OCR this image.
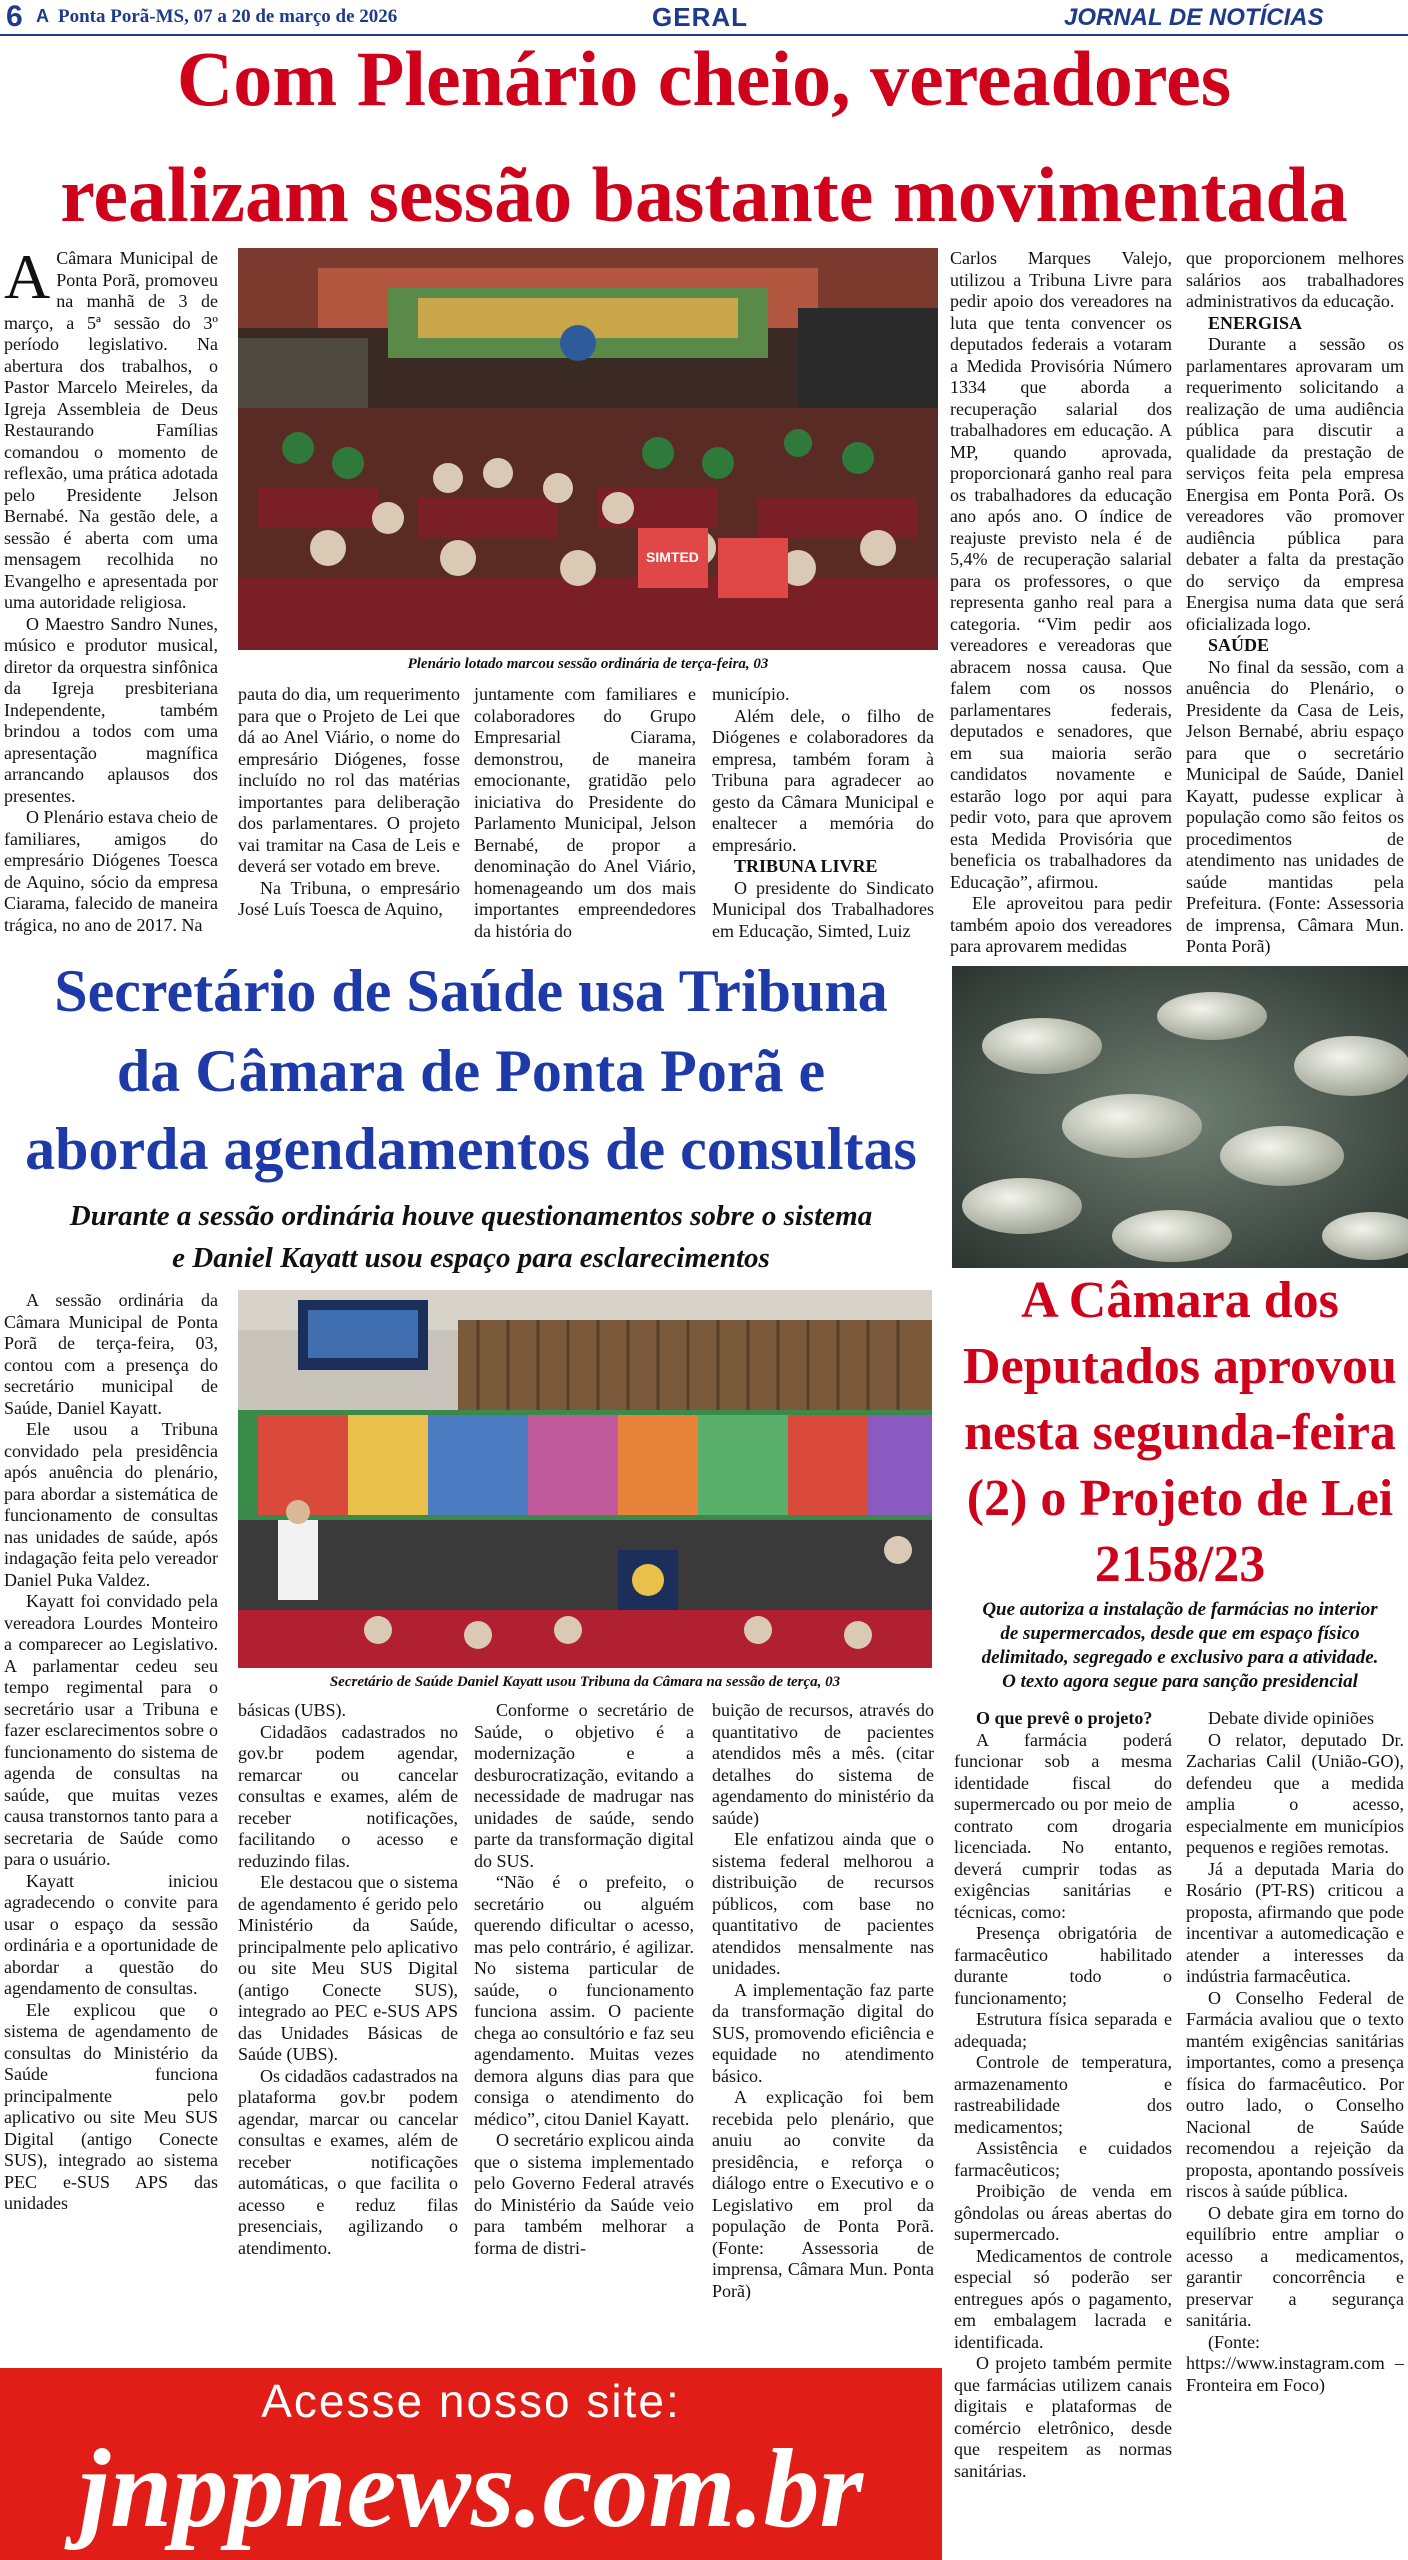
6 A Ponta Porã-MS, 07 a 20 de março de 2026	GERAL	JORNAL DE NOTÍCIAS
Com Plenário cheio, vereadores
realizam sessão bastante movimentada

A Câmara Municipal de Ponta Porã, promoveu na manhã de 3 de março, a 5ª sessão do 3º período legislativo. Na abertura dos trabalhos, o Pastor Marcelo Meireles, da Igreja Assembleia de Deus Restaurando Famílias comandou o momento de reflexão, uma prática adotada pelo Presidente Jelson Bernabé. Na gestão dele, a sessão é aberta com uma mensagem recolhida no Evangelho e apresentada por uma autoridade religiosa.

O Maestro Sandro Nunes, músico e produtor musical, diretor da orquestra sinfônica da Igreja presbiteriana Independente, também brindou a todos com uma apresentação magnífica arrancando aplausos dos presentes.

O Plenário estava cheio de familiares, amigos do empresário Diógenes Toesca de Aquino, sócio da empresa Ciarama, falecido de maneira trágica, no ano de 2017. Na

SIMTED
Plenário lotado marcou sessão ordinária de terça-feira, 03

pauta do dia, um requerimento para que o Projeto de Lei que dá ao Anel Viário, o nome do empresário Diógenes, fosse incluído no rol das matérias importantes para deliberação dos parlamentares. O projeto vai tramitar na Casa de Leis e deverá ser votado em breve.

Na Tribuna, o empresário José Luís Toesca de Aquino,

juntamente com familiares e colaboradores do Grupo Empresarial Ciarama, demonstrou, de maneira emocionante, gratidão pelo iniciativa do Presidente do Parlamento Municipal, Jelson Bernabé, de propor a denominação do Anel Viário, homenageando um dos mais importantes empreendedores da história do

município.

Além dele, o filho de Diógenes e colaboradores da empresa, também foram à Tribuna para agradecer ao gesto da Câmara Municipal e enaltecer a memória do empresário.

TRIBUNA LIVRE

O presidente do Sindicato Municipal dos Trabalhadores em Educação, Simted, Luiz

Carlos Marques Valejo, utilizou a Tribuna Livre para pedir apoio dos vereadores na luta que tenta convencer os deputados federais a votaram a Medida Provisória Número 1334 que aborda a recuperação salarial dos trabalhadores em educação. A MP, quando aprovada, proporcionará ganho real para os trabalhadores da educação ano após ano. O índice de reajuste previsto nela é de 5,4% de recuperação salarial para os professores, o que representa ganho real para a categoria. “Vim pedir aos vereadores e vereadoras que abracem nossa causa. Que falem com os nossos parlamentares federais, deputados e senadores, que em sua maioria serão candidatos novamente e estarão logo por aqui para pedir voto, para que aprovem esta Medida Provisória que beneficia os trabalhadores da Educação”, afirmou.

Ele aproveitou para pedir também apoio dos vereadores para aprovarem medidas

que proporcionem melhores salários aos trabalhadores administrativos da educação.

ENERGISA

Durante a sessão os parlamentares aprovaram um requerimento solicitando a realização de uma audiência pública para discutir a qualidade da prestação de serviços feita pela empresa Energisa em Ponta Porã. Os vereadores vão promover audiência pública para debater a falta da prestação do serviço da empresa Energisa numa data que será oficializada logo.

SAÚDE

No final da sessão, com a anuência do Plenário, o Presidente da Casa de Leis, Jelson Bernabé, abriu espaço para que o secretário Municipal de Saúde, Daniel Kayatt, pudesse explicar à população como são feitos os procedimentos de atendimento nas unidades de saúde mantidas pela Prefeitura. (Fonte: Assessoria de imprensa, Câmara Mun. Ponta Porã)

Secretário de Saúde usa Tribuna
da Câmara de Ponta Porã e
aborda agendamentos de consultas
Durante a sessão ordinária houve questionamentos sobre o sistema
e Daniel Kayatt usou espaço para esclarecimentos

A sessão ordinária da Câmara Municipal de Ponta Porã de terça-feira, 03, contou com a presença do secretário municipal de Saúde, Daniel Kayatt.

Ele usou a Tribuna convidado pela presidência após anuência do plenário, para abordar a sistemática de funcionamento de consultas nas unidades de saúde, após indagação feita pelo vereador Daniel Puka Valdez.

Kayatt foi convidado pela vereadora Lourdes Monteiro a comparecer ao Legislativo. A parlamentar cedeu seu tempo regimental para o secretário usar a Tribuna e fazer esclarecimentos sobre o funcionamento do sistema de agenda de consultas na saúde, que muitas vezes causa transtornos tanto para a secretaria de Saúde como para o usuário.

Kayatt iniciou agradecendo o convite para usar o espaço da sessão ordinária e a oportunidade de abordar a questão do agendamento de consultas.

Ele explicou que o sistema de agendamento de consultas do Ministério da Saúde funciona principalmente pelo aplicativo ou site Meu SUS Digital (antigo Conecte SUS), integrado ao sistema PEC e-SUS APS das unidades

Secretário de Saúde Daniel Kayatt usou Tribuna da Câmara na sessão de terça, 03

básicas (UBS).

Cidadãos cadastrados no gov.br podem agendar, remarcar ou cancelar consultas e exames, além de receber notificações, facilitando o acesso e reduzindo filas.

Ele destacou que o sistema de agendamento é gerido pelo Ministério da Saúde, principalmente pelo aplicativo ou site Meu SUS Digital (antigo Conecte SUS), integrado ao PEC e-SUS APS das Unidades Básicas de Saúde (UBS).

Os cidadãos cadastrados na plataforma gov.br podem agendar, marcar ou cancelar consultas e exames, além de receber notificações automáticas, o que facilita o acesso e reduz filas presenciais, agilizando o atendimento.

Conforme o secretário de Saúde, o objetivo é a modernização e a desburocratização, evitando a necessidade de madrugar nas unidades de saúde, sendo parte da transformação digital do SUS.

“Não é o prefeito, o secretário ou alguém querendo dificultar o acesso, mas pelo contrário, é agilizar. No sistema particular de saúde, o funcionamento funciona assim. O paciente chega ao consultório e faz seu agendamento. Muitas vezes demora alguns dias para que consiga o atendimento do médico”, citou Daniel Kayatt.

O secretário explicou ainda que o sistema implementado pelo Governo Federal através do Ministério da Saúde veio para também melhorar a forma de distri-

buição de recursos, através do quantitativo de pacientes atendidos mês a mês. (citar detalhes do sistema de agendamento do ministério da saúde)

Ele enfatizou ainda que o sistema federal melhorou a distribuição de recursos públicos, com base no quantitativo de pacientes atendidos mensalmente nas unidades.

A implementação faz parte da transformação digital do SUS, promovendo eficiência e equidade no atendimento básico.

A explicação foi bem recebida pelo plenário, que anuiu ao convite da presidência, e reforça o diálogo entre o Executivo e o Legislativo em prol da população de Ponta Porã. (Fonte: Assessoria de imprensa, Câmara Mun. Ponta Porã)

A Câmara dos
Deputados aprovou
nesta segunda-feira
(2) o Projeto de Lei
2158/23
Que autoriza a instalação de farmácias no interior
de supermercados, desde que em espaço físico
delimitado, segregado e exclusivo para a atividade.
O texto agora segue para sanção presidencial

O que prevê o projeto?

A farmácia poderá funcionar sob a mesma identidade fiscal do supermercado ou por meio de contrato com drogaria licenciada. No entanto, deverá cumprir todas as exigências sanitárias e técnicas, como:

Presença obrigatória de farmacêutico habilitado durante todo o funcionamento;

Estrutura física separada e adequada;

Controle de temperatura, armazenamento e rastreabilidade dos medicamentos;

Assistência e cuidados farmacêuticos;

Proibição de venda em gôndolas ou áreas abertas do supermercado.

Medicamentos de controle especial só poderão ser entregues após o pagamento, em embalagem lacrada e identificada.

O projeto também permite que farmácias utilizem canais digitais e plataformas de comércio eletrônico, desde que respeitem as normas sanitárias.

Debate divide opiniões

O relator, deputado Dr. Zacharias Calil (União-GO), defendeu que a medida amplia o acesso, especialmente em municípios pequenos e regiões remotas.

Já a deputada Maria do Rosário (PT-RS) criticou a proposta, afirmando que pode incentivar a automedicação e atender a interesses da indústria farmacêutica.

O Conselho Federal de Farmácia avaliou que o texto mantém exigências sanitárias importantes, como a presença física do farmacêutico. Por outro lado, o Conselho Nacional de Saúde recomendou a rejeição da proposta, apontando possíveis riscos à saúde pública.

O debate gira em torno do equilíbrio entre ampliar o acesso a medicamentos, garantir concorrência e preservar a segurança sanitária.

(Fonte: https://www.instagram.com – Fronteira em Foco)

Acesse nosso site:
jnppnews.com.br
